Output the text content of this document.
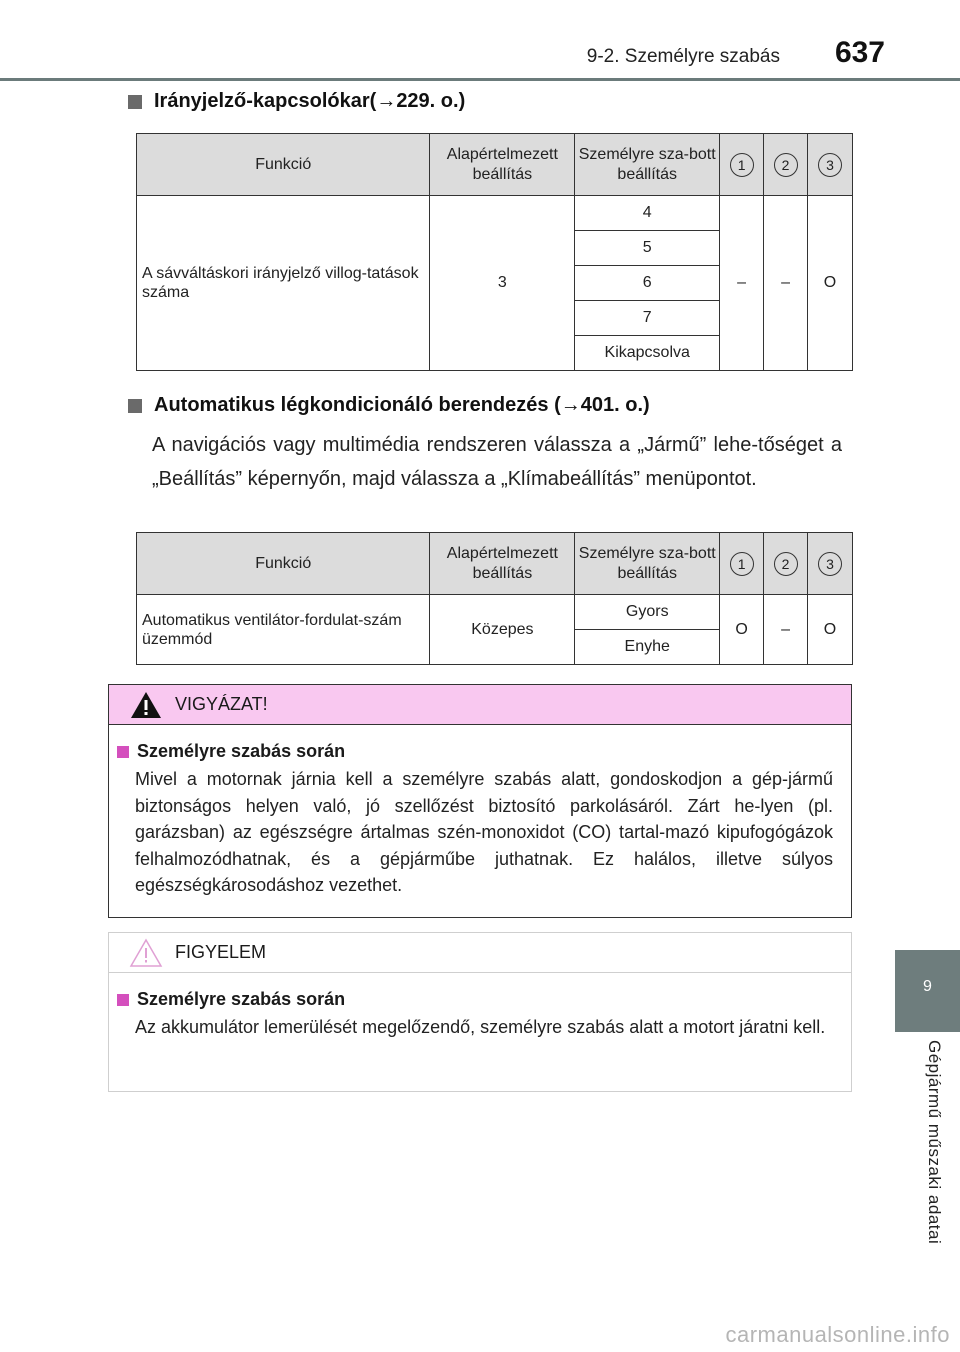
9-2. Személyre szabás 637
9
Gépjármű műszaki adatai
Irányjelző-kapcsolókar( →229. o.)
Funkció	Alapértelmezett beállítás	Személyre sza-bott beállítás	1	2	3
A sávváltáskori irányjelző villog-tatások száma	3	4	–	–	O
		5			
		6			
		7			
		Kikapcsolva			
Automatikus légkondicionáló berendezés ( →401. o.)
A navigációs vagy multimédia rendszeren válassza a „Jármű” lehe-tőséget a „Beállítás” képernyőn, majd válassza a „Klímabeállítás” menüpontot.
Funkció	Alapértelmezett beállítás	Személyre sza-bott beállítás	1	2	3
Automatikus ventilátor-fordulat-szám üzemmód	Közepes	Gyors	O	–	O
		Enyhe			
VIGYÁZAT!
Személyre szabás során
Mivel a motornak járnia kell a személyre szabás alatt, gondoskodjon a gép-jármű biztonságos helyen való, jó szellőzést biztosító parkolásáról. Zárt he-lyen (pl. garázsban) az egészségre ártalmas szén-monoxidot (CO) tartal-mazó kipufogógázok felhalmozódhatnak, és a gépjárműbe juthatnak. Ez halálos, illetve súlyos egészségkárosodáshoz vezethet.
FIGYELEM
Személyre szabás során
Az akkumulátor lemerülését megelőzendő, személyre szabás alatt a motort járatni kell.
carmanualsonline.info
